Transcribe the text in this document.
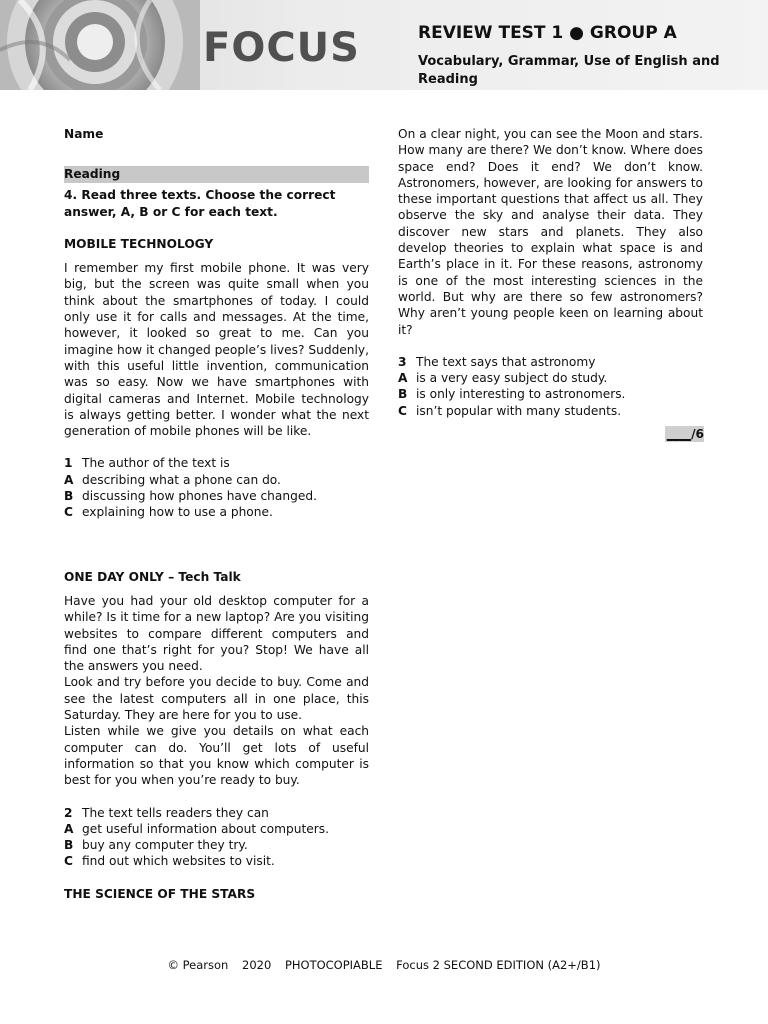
FOCUS	REVIEW TEST 1 ● GROUP A
Vocabulary, Grammar, Use of English and Reading
Name
Reading
4. Read three texts. Choose the correct answer, A, B or C for each text.
MOBILE TECHNOLOGY

I remember my first mobile phone. It was very big, but the screen was quite small when you think about the smartphones of today. I could only use it for calls and messages. At the time, however, it looked so great to me. Can you imagine how it changed people’s lives? Suddenly, with this useful little invention, communication was so easy. Now we have smartphones with digital cameras and Internet. Mobile technology is always getting better. I wonder what the next generation of mobile phones will be like.

1 The author of the text is
A describing what a phone can do.
B discussing how phones have changed.
C explaining how to use a phone.
ONE DAY ONLY – Tech Talk

Have you had your old desktop computer for a while? Is it time for a new laptop? Are you visiting websites to compare different computers and find one that’s right for you? Stop! We have all the answers you need.

Look and try before you decide to buy. Come and see the latest computers all in one place, this Saturday. They are here for you to use.

Listen while we give you details on what each computer can do. You’ll get lots of useful information so that you know which computer is best for you when you’re ready to buy.

2 The text tells readers they can
A get useful information about computers.
B buy any computer they try.
C find out which websites to visit.
THE SCIENCE OF THE STARS

On a clear night, you can see the Moon and stars. How many are there? We don’t know. Where does space end? Does it end? We don’t know. Astronomers, however, are looking for answers to these important questions that affect us all. They observe the sky and analyse their data. They discover new stars and planets. They also develop theories to explain what space is and Earth’s place in it. For these reasons, astronomy is one of the most interesting sciences in the world. But why are there so few astronomers? Why aren’t young people keen on learning about it?

3 The text says that astronomy
A is a very easy subject do study.
B is only interesting to astronomers.
C isn’t popular with many students.
____/6
© Pearson 2020 PHOTOCOPIABLE Focus 2 SECOND EDITION (A2+/B1)
